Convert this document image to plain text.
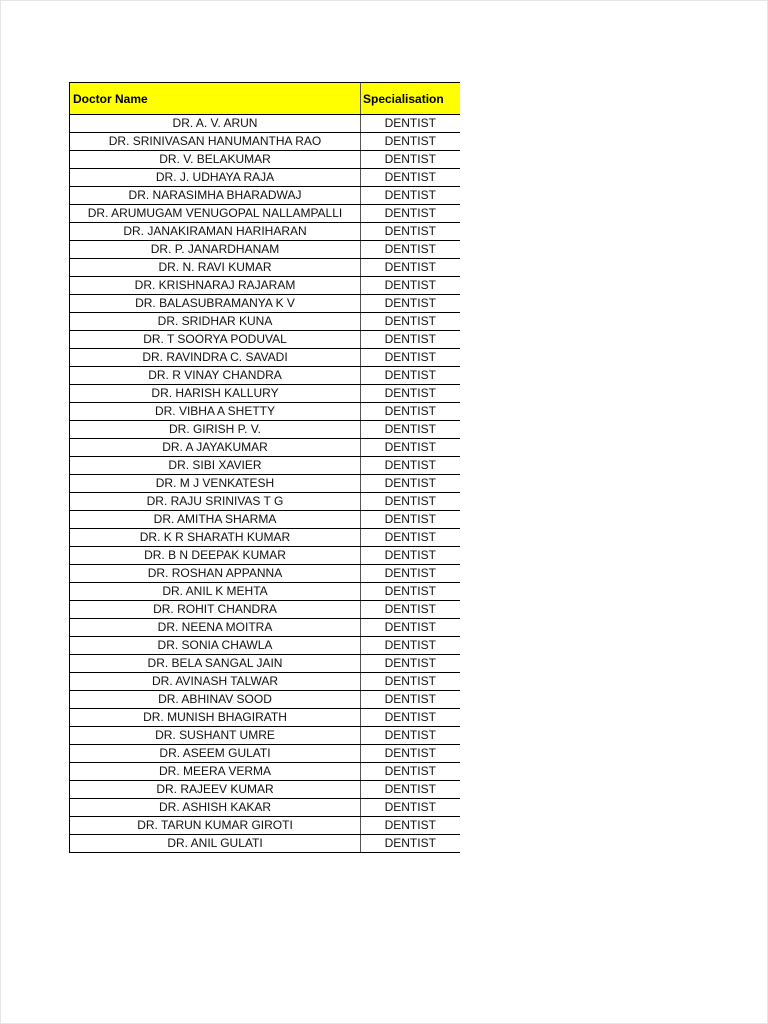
Doctor Name	Specialisation
DR. A. V. ARUN	DENTIST
DR. SRINIVASAN HANUMANTHA RAO	DENTIST
DR. V. BELAKUMAR	DENTIST
DR. J. UDHAYA RAJA	DENTIST
DR. NARASIMHA BHARADWAJ	DENTIST
DR. ARUMUGAM VENUGOPAL NALLAMPALLI	DENTIST
DR. JANAKIRAMAN HARIHARAN	DENTIST
DR. P. JANARDHANAM	DENTIST
DR. N. RAVI KUMAR	DENTIST
DR. KRISHNARAJ RAJARAM	DENTIST
DR. BALASUBRAMANYA K V	DENTIST
DR. SRIDHAR KUNA	DENTIST
DR. T SOORYA PODUVAL	DENTIST
DR. RAVINDRA C. SAVADI	DENTIST
DR. R VINAY CHANDRA	DENTIST
DR. HARISH KALLURY	DENTIST
DR. VIBHA A SHETTY	DENTIST
DR. GIRISH P. V.	DENTIST
DR. A JAYAKUMAR	DENTIST
DR. SIBI XAVIER	DENTIST
DR. M J VENKATESH	DENTIST
DR. RAJU SRINIVAS T G	DENTIST
DR. AMITHA SHARMA	DENTIST
DR. K R SHARATH KUMAR	DENTIST
DR. B N DEEPAK KUMAR	DENTIST
DR. ROSHAN APPANNA	DENTIST
DR. ANIL K MEHTA	DENTIST
DR. ROHIT CHANDRA	DENTIST
DR. NEENA MOITRA	DENTIST
DR. SONIA CHAWLA	DENTIST
DR. BELA SANGAL JAIN	DENTIST
DR. AVINASH TALWAR	DENTIST
DR. ABHINAV SOOD	DENTIST
DR. MUNISH BHAGIRATH	DENTIST
DR. SUSHANT UMRE	DENTIST
DR. ASEEM GULATI	DENTIST
DR. MEERA VERMA	DENTIST
DR. RAJEEV KUMAR	DENTIST
DR. ASHISH KAKAR	DENTIST
DR. TARUN KUMAR GIROTI	DENTIST
DR. ANIL GULATI	DENTIST
